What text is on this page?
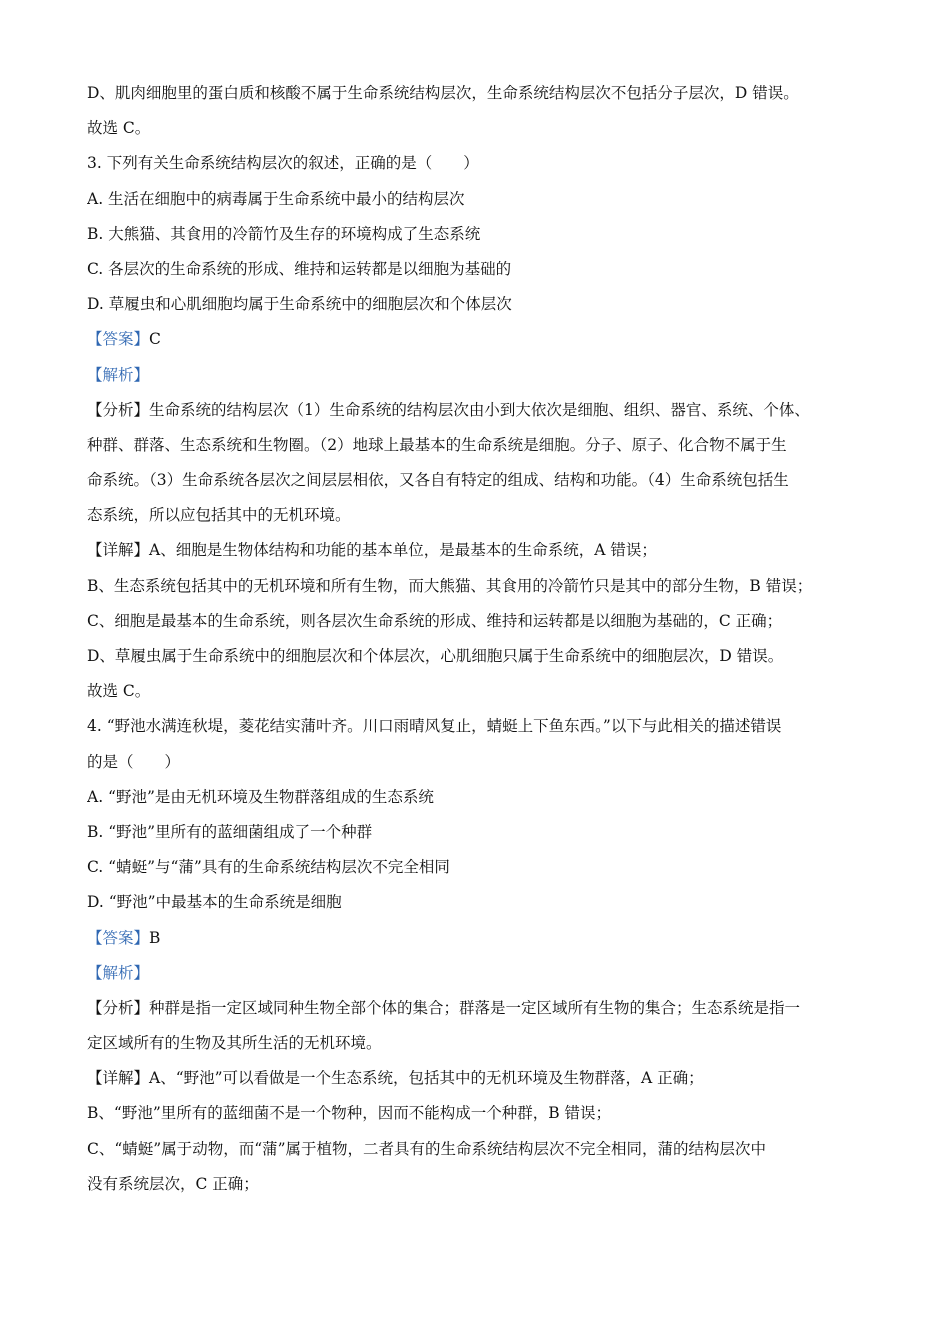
D、肌肉细胞里的蛋白质和核酸不属于生命系统结构层次，生命系统结构层次不包括分子层次，D 错误。
故选 C。
3. 下列有关生命系统结构层次的叙述，正确的是（　　）
A. 生活在细胞中的病毒属于生命系统中最小的结构层次
B. 大熊猫、其食用的冷箭竹及生存的环境构成了生态系统
C. 各层次的生命系统的形成、维持和运转都是以细胞为基础的
D. 草履虫和心肌细胞均属于生命系统中的细胞层次和个体层次
【答案】C
【解析】
【分析】生命系统的结构层次（1）生命系统的结构层次由小到大依次是细胞、组织、器官、系统、个体、
种群、群落、生态系统和生物圈。（2）地球上最基本的生命系统是细胞。分子、原子、化合物不属于生
命系统。（3）生命系统各层次之间层层相依，又各自有特定的组成、结构和功能。（4）生命系统包括生
态系统，所以应包括其中的无机环境。
【详解】A、细胞是生物体结构和功能的基本单位，是最基本的生命系统，A 错误；
B、生态系统包括其中的无机环境和所有生物，而大熊猫、其食用的冷箭竹只是其中的部分生物，B 错误；
C、细胞是最基本的生命系统，则各层次生命系统的形成、维持和运转都是以细胞为基础的，C 正确；
D、草履虫属于生命系统中的细胞层次和个体层次，心肌细胞只属于生命系统中的细胞层次，D 错误。
故选 C。
4. “野池水满连秋堤，菱花结实蒲叶齐。川口雨晴风复止，蜻蜓上下鱼东西。”以下与此相关的描述错误
的是（　　）
A. “野池”是由无机环境及生物群落组成的生态系统
B. “野池”里所有的蓝细菌组成了一个种群
C. “蜻蜓”与“蒲”具有的生命系统结构层次不完全相同
D. “野池”中最基本的生命系统是细胞
【答案】B
【解析】
【分析】种群是指一定区域同种生物全部个体的集合；群落是一定区域所有生物的集合；生态系统是指一
定区域所有的生物及其所生活的无机环境。
【详解】A、“野池”可以看做是一个生态系统，包括其中的无机环境及生物群落，A 正确；
B、“野池”里所有的蓝细菌不是一个物种，因而不能构成一个种群，B 错误；
C、“蜻蜓”属于动物，而“蒲”属于植物，二者具有的生命系统结构层次不完全相同，蒲的结构层次中
没有系统层次，C 正确；
